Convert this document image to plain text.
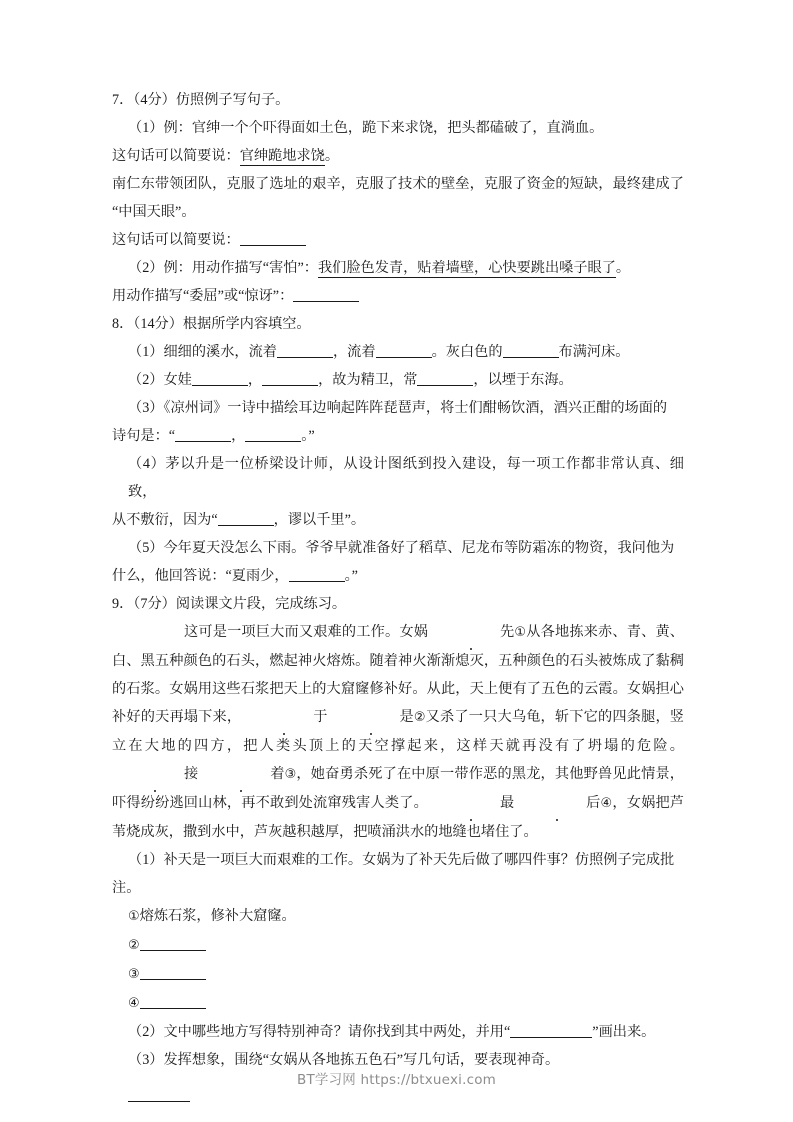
7．（4分）仿照例子写句子。
（1）例：官绅一个个吓得面如土色，跪下来求饶，把头都磕破了，直淌血。
这句话可以简要说：官绅跪地求饶。
南仁东带领团队，克服了选址的艰辛，克服了技术的壁垒，克服了资金的短缺，最终建成了“中国天眼”。
这句话可以简要说：
（2）例：用动作描写“害怕”：我们脸色发青，贴着墙壁，心快要跳出嗓子眼了。
用动作描写“委屈”或“惊讶”：
8．（14分）根据所学内容填空。
（1）细细的溪水，流着	，流着	。灰白色的	布满河床。
（2）女娃	，	，故为精卫，常	，以堙于东海。
（3）《凉州词》一诗中描绘耳边响起阵阵琵琶声，将士们酣畅饮酒，酒兴正酣的场面的
诗句是：“	，	。”
（4）茅以升是一位桥梁设计师，从设计图纸到投入建设，每一项工作都非常认真、细致，
从不敷衍，因为“	，谬以千里”。
（5）今年夏天没怎么下雨。爷爷早就准备好了稻草、尼龙布等防霜冻的物资，我问他为
什么，他回答说：“夏雨少，	。”
9．（7分）阅读课文片段，完成练习。
这可是一项巨大而又艰难的工作。女娲	先①从各地拣来赤、青、黄、白、黑五种颜色的石头，燃起神火熔炼。随着神火渐渐熄灭，五种颜色的石头被炼成了黏稠的石浆。女娲用这些石浆把天上的大窟窿修补好。从此，天上便有了五色的云霞。女娲担心补好的天再塌下来，	于	是②又杀了一只大乌龟，斩下它的四条腿，竖立在大地的四方，把人类头顶上的天空撑起来，这样天就再没有了坍塌的危险。接	着③，她奋勇杀死了在中原一带作恶的黑龙，其他野兽见此情景，吓得纷纷逃回山林，再不敢到处流窜残害人类了。	最	后④，女娲把芦苇烧成灰，撒到水中，芦灰越积越厚，把喷涌洪水的地缝也堵住了。
（1）补天是一项巨大而艰难的工作。女娲为了补天先后做了哪四件事？仿照例子完成批
注。
①熔炼石浆，修补大窟窿。
②
③
④
（2）文中哪些地方写得特别神奇？请你找到其中两处，并用“	”画出来。
（3）发挥想象，围绕“女娲从各地拣五色石”写几句话，要表现神奇。
BT学习网 https://btxuexi.com
